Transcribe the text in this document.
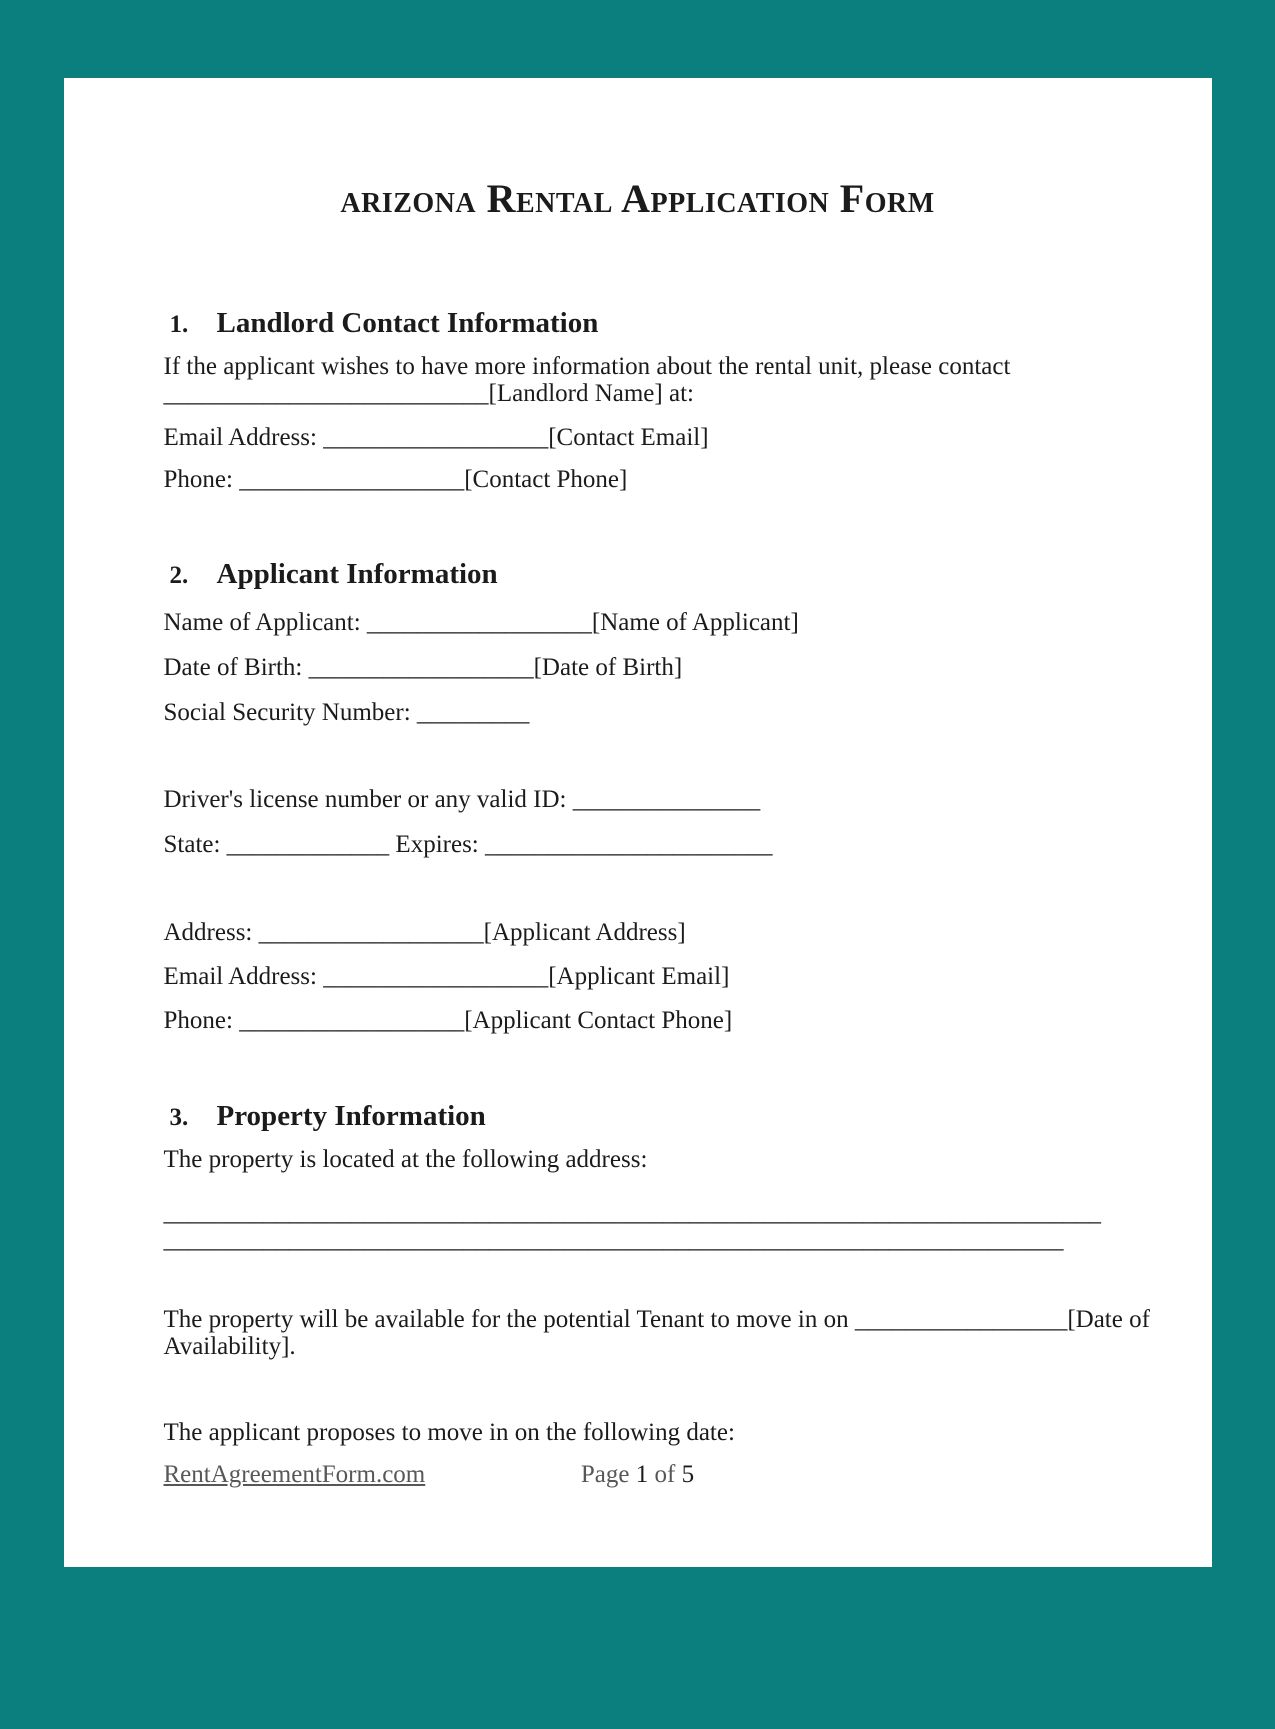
arizona Rental Application Form
1. Landlord Contact Information

If the applicant wishes to have more information about the rental unit, please contact
__________________________[Landlord Name] at:

Email Address: __________________[Contact Email]

Phone: __________________[Contact Phone]

2. Applicant Information

Name of Applicant: __________________[Name of Applicant]

Date of Birth: __________________[Date of Birth]

Social Security Number: _________

Driver's license number or any valid ID: _______________

State: _____________ Expires: _______________________

Address: __________________[Applicant Address]

Email Address: __________________[Applicant Email]

Phone: __________________[Applicant Contact Phone]

3. Property Information

The property is located at the following address:

___________________________________________________________________________
________________________________________________________________________

The property will be available for the potential Tenant to move in on _________________[Date of
Availability].

The applicant proposes to move in on the following date:

RentAgreementForm.com	Page 1 of 5
